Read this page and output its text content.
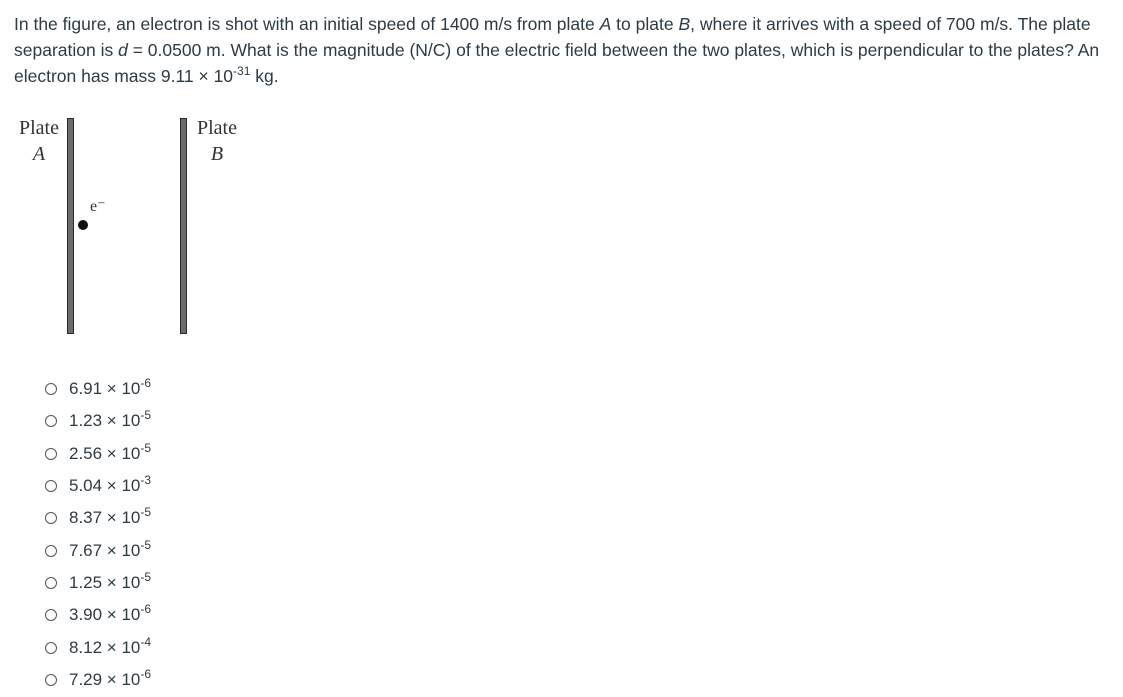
In the figure, an electron is shot with an initial speed of 1400 m/s from plate A to plate B, where it arrives with a speed of 700 m/s. The plate separation is d = 0.0500 m. What is the magnitude (N/C) of the electric field between the two plates, which is perpendicular to the plates? An electron has mass $9.11 \times 10^{-31}$ kg.
Plate
A
e⁻
Plate
B
$6.91 \times 10^{-6}$
$1.23 \times 10^{-5}$
$2.56 \times 10^{-5}$
$5.04 \times 10^{-3}$
$8.37 \times 10^{-5}$
$7.67 \times 10^{-5}$
$1.25 \times 10^{-5}$
$3.90 \times 10^{-6}$
$8.12 \times 10^{-4}$
$7.29 \times 10^{-6}$
